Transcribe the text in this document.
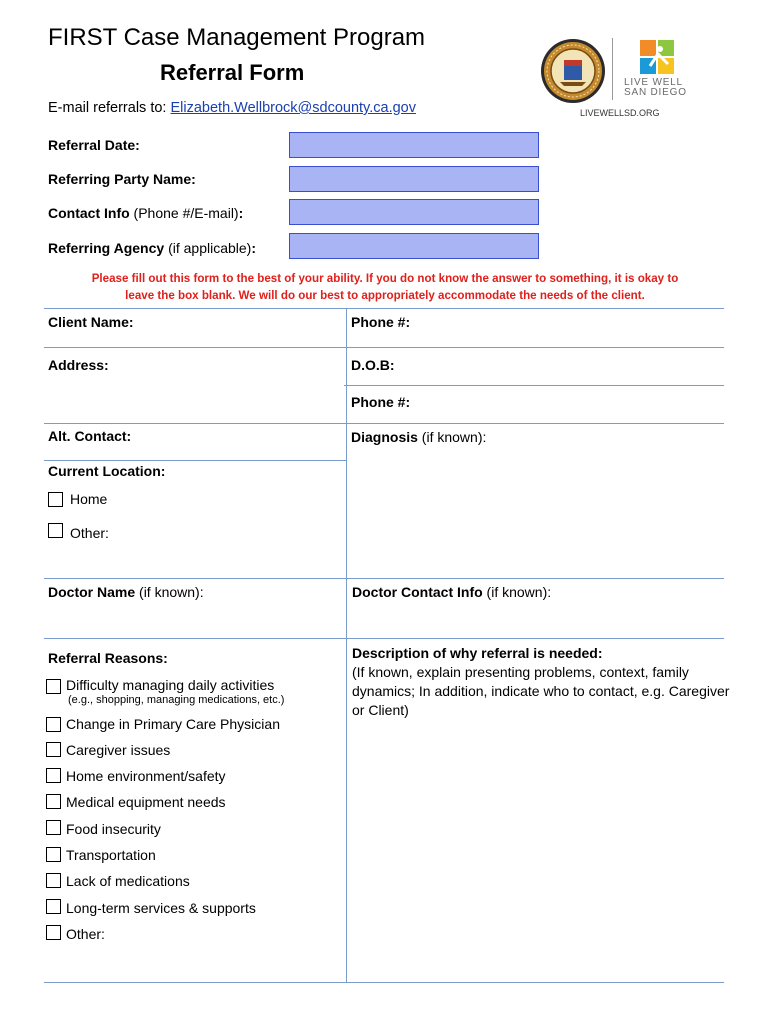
FIRST Case Management Program
Referral Form
E-mail referrals to: Elizabeth.Wellbrock@sdcounty.ca.gov
LIVE WELL
SAN DIEGO
LIVEWELLSD.ORG
Referral Date:
Referring Party Name:
Contact Info (Phone #/E-mail):
Referring Agency (if applicable):
Please fill out this form to the best of your ability. If you do not know the answer to something, it is okay to
leave the box blank. We will do our best to appropriately accommodate the needs of the client.
Client Name:	Phone #:
Address:	D.O.B:
Phone #:
Alt. Contact:	Diagnosis (if known):
Current Location:
Home
Other:
Doctor Name (if known):	Doctor Contact Info (if known):
Referral Reasons:
Difficulty managing daily activities
(e.g., shopping, managing medications, etc.)
Change in Primary Care Physician
Caregiver issues
Home environment/safety
Medical equipment needs
Food insecurity
Transportation
Lack of medications
Long-term services & supports
Other:
Description of why referral is needed:
(If known, explain presenting problems, context, family dynamics; In addition, indicate who to contact, e.g. Caregiver or Client)
